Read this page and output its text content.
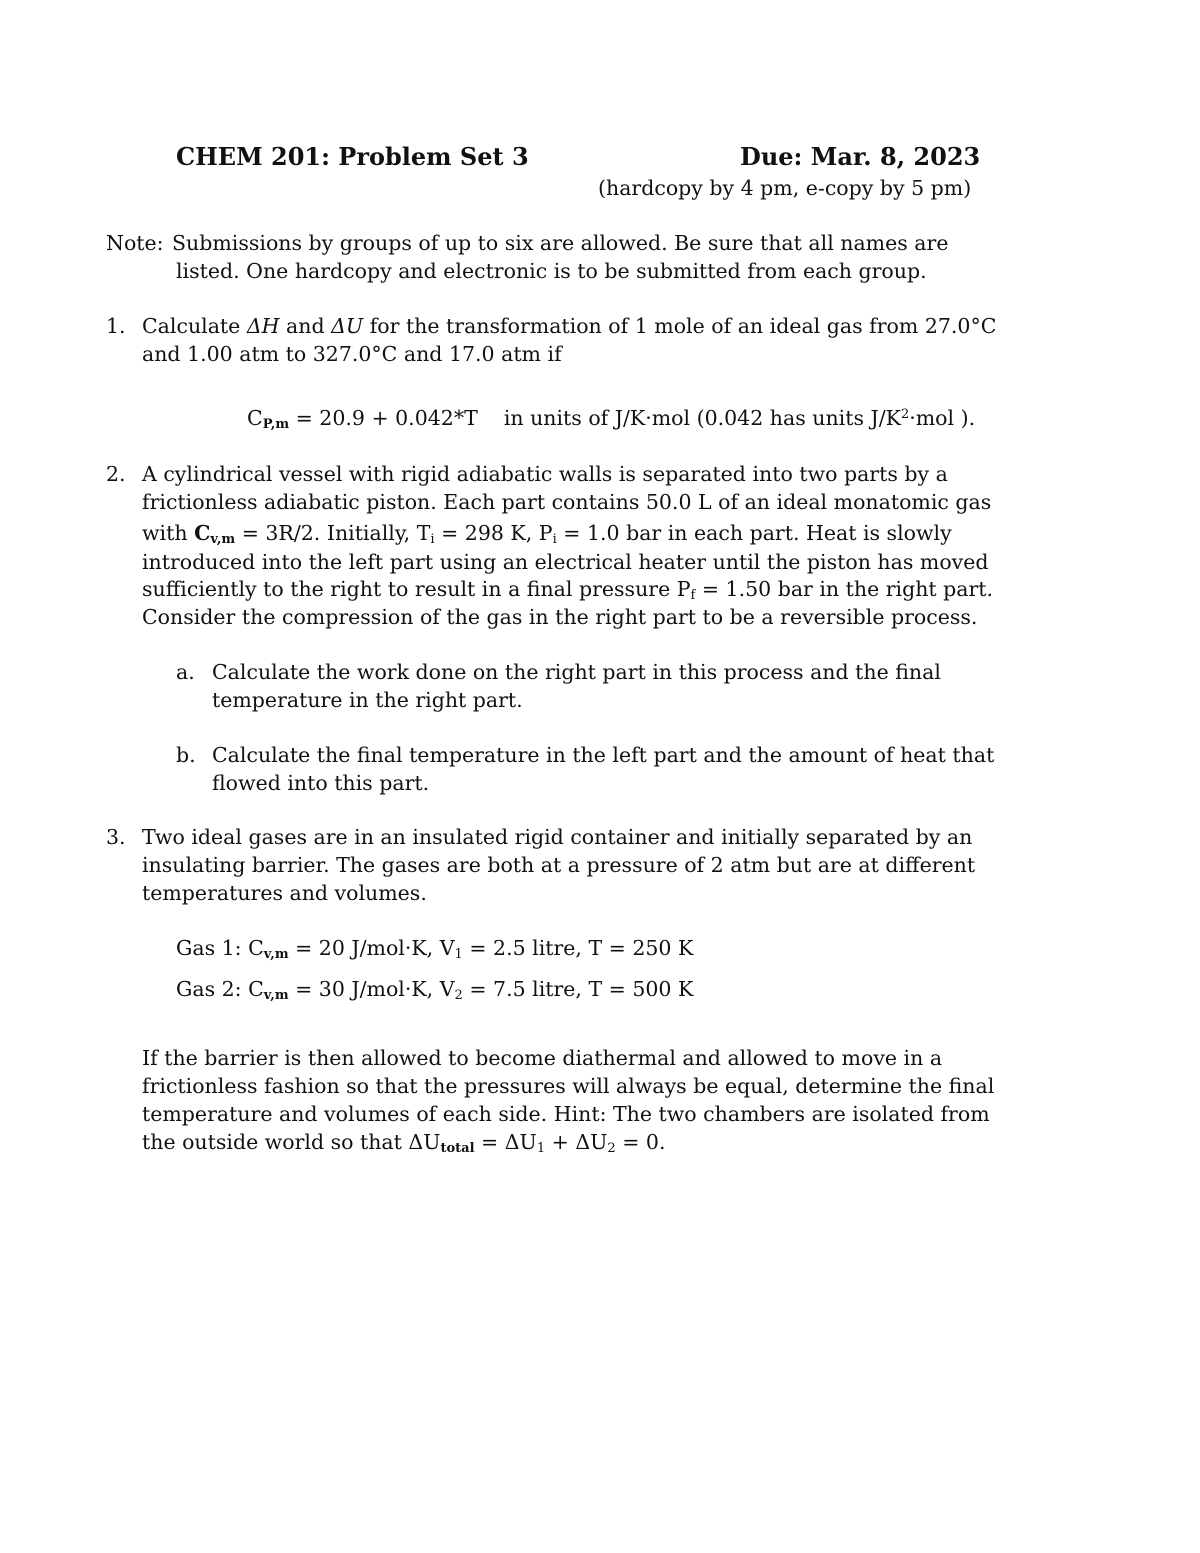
CHEM 201: Problem Set 3	Due: Mar. 8, 2023
(hardcopy by 4 pm, e-copy by 5 pm)
Note: Submissions by groups of up to six are allowed. Be sure that all names are
listed. One hardcopy and electronic is to be submitted from each group.
1. Calculate ΔH and ΔU for the transformation of 1 mole of an ideal gas from 27.0°C
and 1.00 atm to 327.0°C and 17.0 atm if
$C_{P,m} = 20.9 + 0.042*T$    in units of J/K·mol (0.042 has units $J/K^2\cdot mol$ ).
2. A cylindrical vessel with rigid adiabatic walls is separated into two parts by a
frictionless adiabatic piston. Each part contains 50.0 L of an ideal monatomic gas
with $C_{v,m} = 3R/2$. Initially, $T_i = 298$ K, $P_i = 1.0$ bar in each part. Heat is slowly
introduced into the left part using an electrical heater until the piston has moved
sufficiently to the right to result in a final pressure $P_f = 1.50$ bar in the right part.
Consider the compression of the gas in the right part to be a reversible process.
a. Calculate the work done on the right part in this process and the final
temperature in the right part.
b. Calculate the final temperature in the left part and the amount of heat that
flowed into this part.
3. Two ideal gases are in an insulated rigid container and initially separated by an
insulating barrier. The gases are both at a pressure of 2 atm but are at different
temperatures and volumes.
Gas 1: $C_{v,m} = 20$ J/mol·K, $V_1 = 2.5$ litre, T = 250 K
Gas 2: $C_{v,m} = 30$ J/mol·K, $V_2 = 7.5$ litre, T = 500 K
If the barrier is then allowed to become diathermal and allowed to move in a
frictionless fashion so that the pressures will always be equal, determine the final
temperature and volumes of each side. Hint: The two chambers are isolated from
the outside world so that $\Delta U_{total} = \Delta U_1 + \Delta U_2 = 0$.
